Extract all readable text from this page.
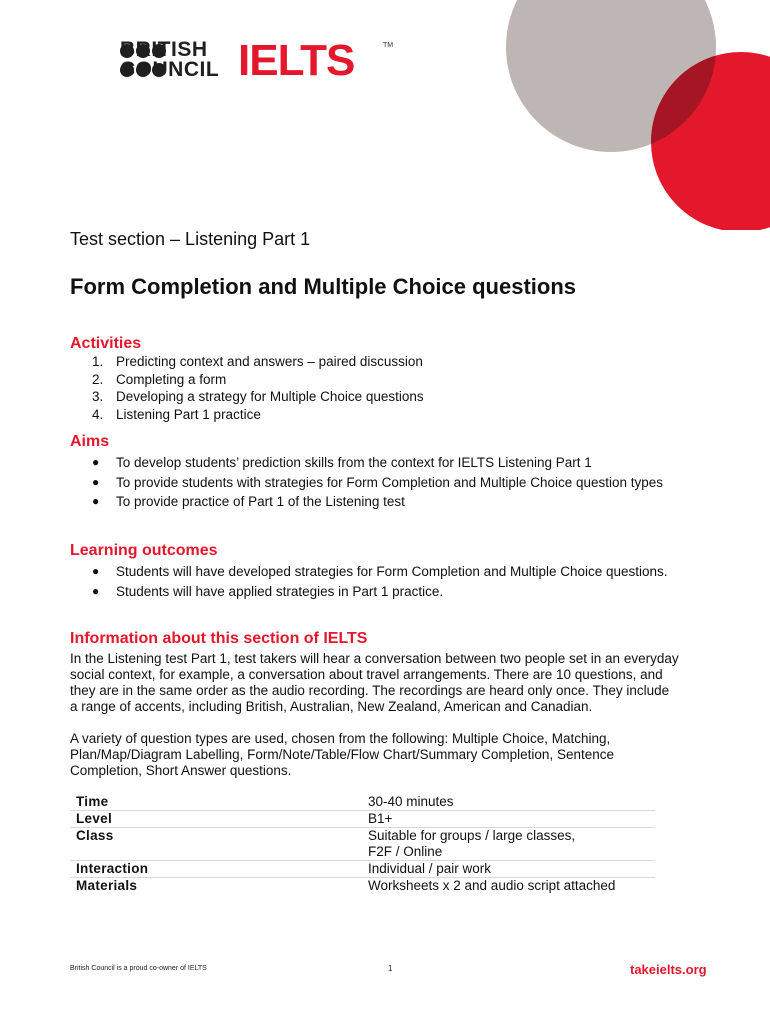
BRITISH
COUNCIL IELTS	TM
Test section – Listening Part 1
Form Completion and Multiple Choice questions
Activities
1. Predicting context and answers – paired discussion
2. Completing a form
3. Developing a strategy for Multiple Choice questions
4. Listening Part 1 practice
Aims
● To develop students’ prediction skills from the context for IELTS Listening Part 1
● To provide students with strategies for Form Completion and Multiple Choice question types
● To provide practice of Part 1 of the Listening test
Learning outcomes
● Students will have developed strategies for Form Completion and Multiple Choice questions.
● Students will have applied strategies in Part 1 practice.
Information about this section of IELTS
In the Listening test Part 1, test takers will hear a conversation between two people set in an everyday social context, for example, a conversation about travel arrangements. There are 10 questions, and they are in the same order as the audio recording. The recordings are heard only once. They include a range of accents, including British, Australian, New Zealand, American and Canadian.
A variety of question types are used, chosen from the following: Multiple Choice, Matching, Plan/Map/Diagram Labelling, Form/Note/Table/Flow Chart/Summary Completion, Sentence Completion, Short Answer questions.
Time	30-40 minutes
Level	B1+
Class	Suitable for groups / large classes,
F2F / Online

Interaction	Individual / pair work
Materials	Worksheets x 2 and audio script attached
British Council is a proud co-owner of IELTS	1	takeielts.org
